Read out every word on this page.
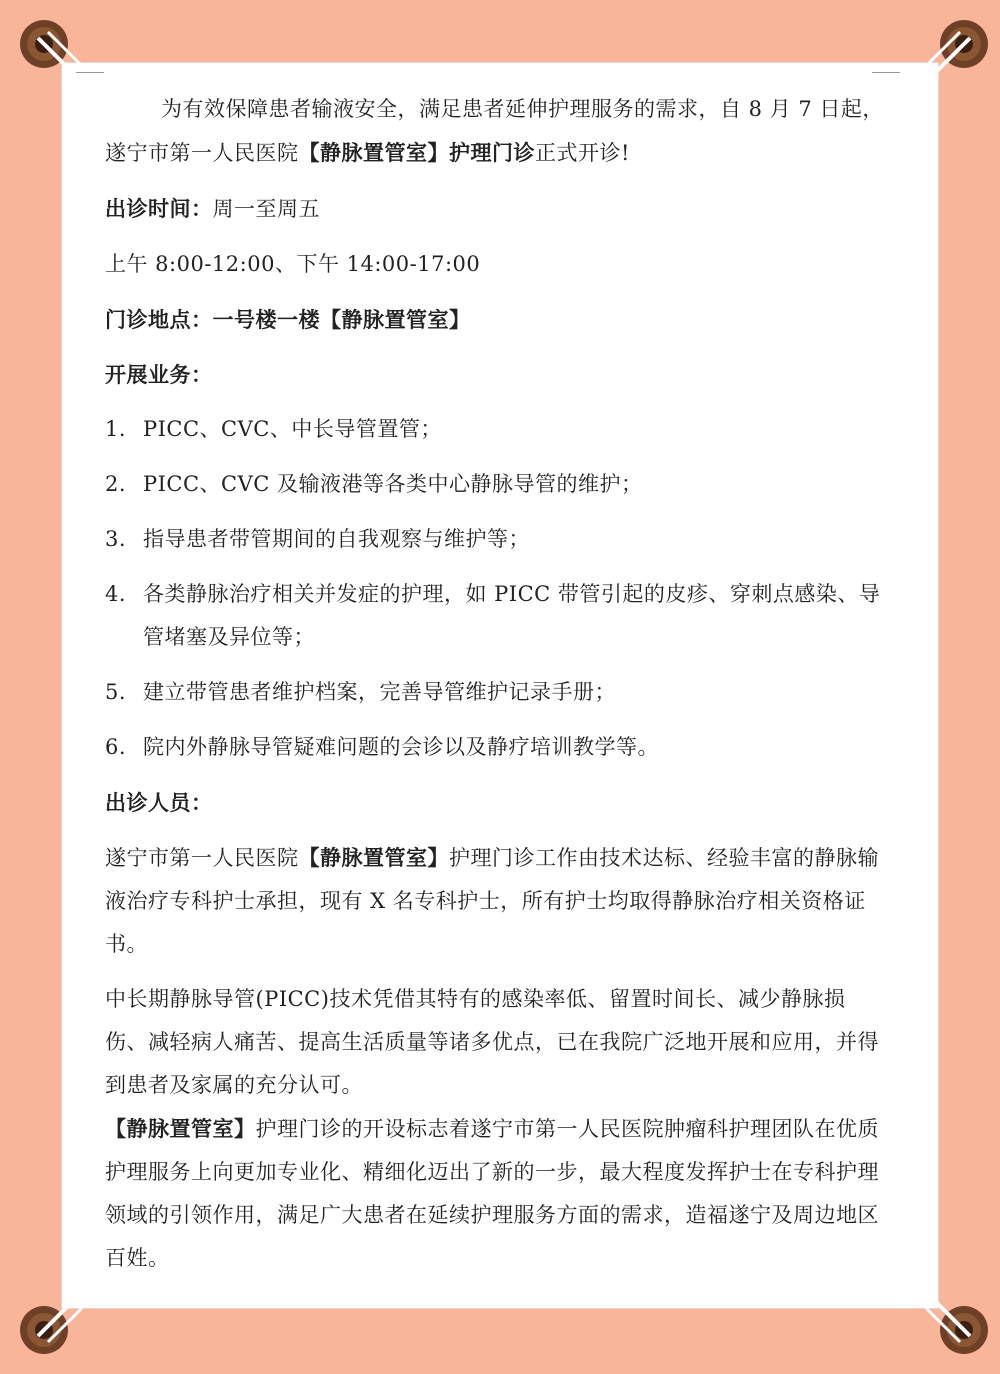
为有效保障患者输液安全，满足患者延伸护理服务的需求，自 8 月 7 日起，

遂宁市第一人民医院【静脉置管室】护理门诊正式开诊!

出诊时间：周一至周五

上午 8:00-12:00、下午 14:00-17:00

门诊地点：一号楼一楼【静脉置管室】

开展业务：

1. PICC、CVC、中长导管置管；
2. PICC、CVC 及输液港等各类中心静脉导管的维护；
3. 指导患者带管期间的自我观察与维护等；
4. 各类静脉治疗相关并发症的护理，如 PICC 带管引起的皮疹、穿刺点感染、导管堵塞及异位等；
5. 建立带管患者维护档案，完善导管维护记录手册；
6. 院内外静脉导管疑难问题的会诊以及静疗培训教学等。

出诊人员：

遂宁市第一人民医院【静脉置管室】护理门诊工作由技术达标、经验丰富的静脉输液治疗专科护士承担，现有 X 名专科护士，所有护士均取得静脉治疗相关资格证书。

中长期静脉导管(PICC)技术凭借其特有的感染率低、留置时间长、减少静脉损伤、减轻病人痛苦、提高生活质量等诸多优点，已在我院广泛地开展和应用，并得到患者及家属的充分认可。

【静脉置管室】护理门诊的开设标志着遂宁市第一人民医院肿瘤科护理团队在优质护理服务上向更加专业化、精细化迈出了新的一步，最大程度发挥护士在专科护理领域的引领作用，满足广大患者在延续护理服务方面的需求，造福遂宁及周边地区百姓。
